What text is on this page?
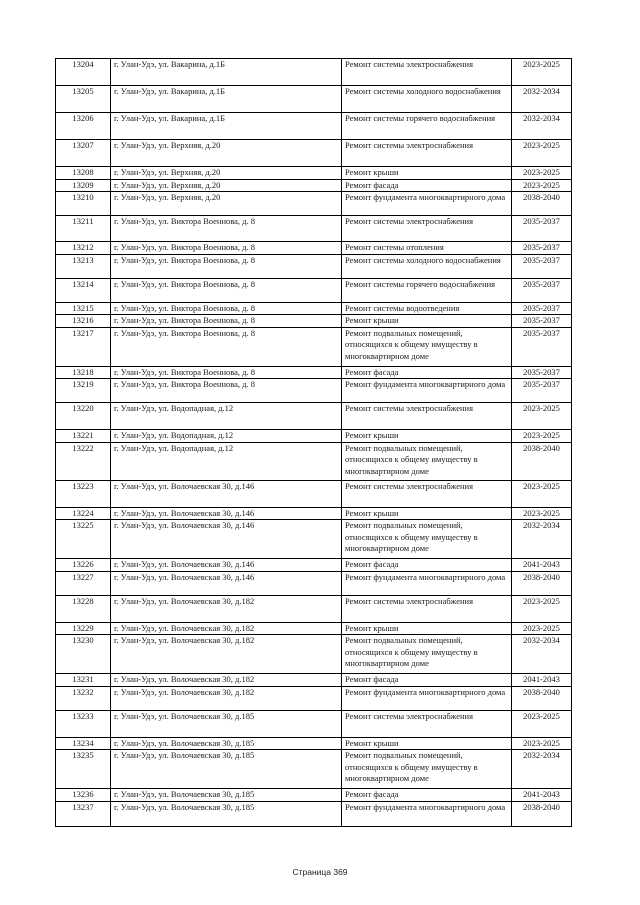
13204	г. Улан-Удэ, ул. Вакарина, д.1Б	Ремонт системы электроснабжения	2023-2025
13205	г. Улан-Удэ, ул. Вакарина, д.1Б	Ремонт системы холодного водоснабжения	2032-2034
13206	г. Улан-Удэ, ул. Вакарина, д.1Б	Ремонт системы горячего водоснабжения	2032-2034
13207	г. Улан-Удэ, ул. Верхняя, д.20	Ремонт системы электроснабжения	2023-2025
13208	г. Улан-Удэ, ул. Верхняя, д.20	Ремонт крыши	2023-2025
13209	г. Улан-Удэ, ул. Верхняя, д.20	Ремонт фасада	2023-2025
13210	г. Улан-Удэ, ул. Верхняя, д.20	Ремонт фундамента многоквартирного дома	2038-2040
13211	г. Улан-Удэ, ул. Виктора Военнова, д. 8	Ремонт системы электроснабжения	2035-2037
13212	г. Улан-Удэ, ул. Виктора Военнова, д. 8	Ремонт системы отопления	2035-2037
13213	г. Улан-Удэ, ул. Виктора Военнова, д. 8	Ремонт системы холодного водоснабжения	2035-2037
13214	г. Улан-Удэ, ул. Виктора Военнова, д. 8	Ремонт системы горячего водоснабжения	2035-2037
13215	г. Улан-Удэ, ул. Виктора Военнова, д. 8	Ремонт системы водоотведения	2035-2037
13216	г. Улан-Удэ, ул. Виктора Военнова, д. 8	Ремонт крыши	2035-2037
13217	г. Улан-Удэ, ул. Виктора Военнова, д. 8	Ремонт подвальных помещений, относящихся к общему имуществу в многоквартирном доме	2035-2037
13218	г. Улан-Удэ, ул. Виктора Военнова, д. 8	Ремонт фасада	2035-2037
13219	г. Улан-Удэ, ул. Виктора Военнова, д. 8	Ремонт фундамента многоквартирного дома	2035-2037
13220	г. Улан-Удэ, ул. Водопадная, д.12	Ремонт системы электроснабжения	2023-2025
13221	г. Улан-Удэ, ул. Водопадная, д.12	Ремонт крыши	2023-2025
13222	г. Улан-Удэ, ул. Водопадная, д.12	Ремонт подвальных помещений, относящихся к общему имуществу в многоквартирном доме	2038-2040
13223	г. Улан-Удэ, ул. Волочаевская 30, д.146	Ремонт системы электроснабжения	2023-2025
13224	г. Улан-Удэ, ул. Волочаевская 30, д.146	Ремонт крыши	2023-2025
13225	г. Улан-Удэ, ул. Волочаевская 30, д.146	Ремонт подвальных помещений, относящихся к общему имуществу в многоквартирном доме	2032-2034
13226	г. Улан-Удэ, ул. Волочаевская 30, д.146	Ремонт фасада	2041-2043
13227	г. Улан-Удэ, ул. Волочаевская 30, д.146	Ремонт фундамента многоквартирного дома	2038-2040
13228	г. Улан-Удэ, ул. Волочаевская 30, д.182	Ремонт системы электроснабжения	2023-2025
13229	г. Улан-Удэ, ул. Волочаевская 30, д.182	Ремонт крыши	2023-2025
13230	г. Улан-Удэ, ул. Волочаевская 30, д.182	Ремонт подвальных помещений, относящихся к общему имуществу в многоквартирном доме	2032-2034
13231	г. Улан-Удэ, ул. Волочаевская 30, д.182	Ремонт фасада	2041-2043
13232	г. Улан-Удэ, ул. Волочаевская 30, д.182	Ремонт фундамента многоквартирного дома	2038-2040
13233	г. Улан-Удэ, ул. Волочаевская 30, д.185	Ремонт системы электроснабжения	2023-2025
13234	г. Улан-Удэ, ул. Волочаевская 30, д.185	Ремонт крыши	2023-2025
13235	г. Улан-Удэ, ул. Волочаевская 30, д.185	Ремонт подвальных помещений, относящихся к общему имуществу в многоквартирном доме	2032-2034
13236	г. Улан-Удэ, ул. Волочаевская 30, д.185	Ремонт фасада	2041-2043
13237	г. Улан-Удэ, ул. Волочаевская 30, д.185	Ремонт фундамента многоквартирного дома	2038-2040
Страница 369
